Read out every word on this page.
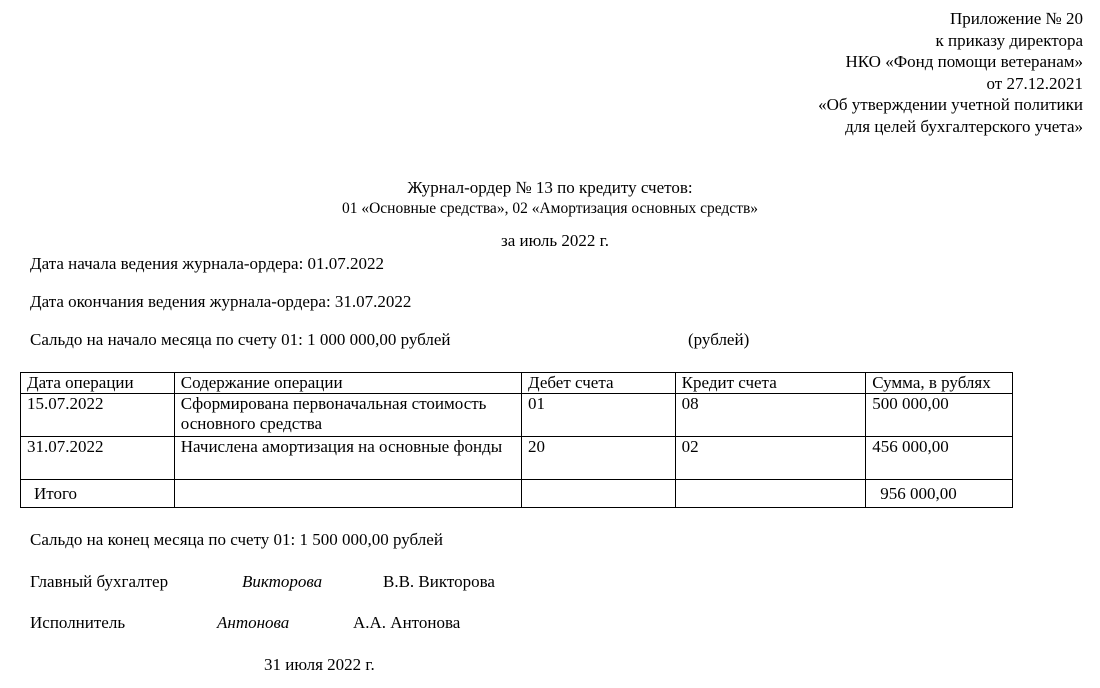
Приложение № 20
к приказу директора
НКО «Фонд помощи ветеранам»
от 27.12.2021
«Об утверждении учетной политики
для целей бухгалтерского учета»
Журнал-ордер № 13 по кредиту счетов:
01 «Основные средства», 02 «Амортизация основных средств»
за июль 2022 г.
Дата начала ведения журнала-ордера: 01.07.2022
Дата окончания ведения журнала-ордера: 31.07.2022
Сальдо на начало месяца по счету 01: 1 000 000,00 рублей	(рублей)
Дата операции	Содержание операции	Дебет счета	Кредит счета	Сумма, в рублях
15.07.2022	Сформирована первоначальная стоимость основного средства	01	08	500 000,00
31.07.2022	Начислена амортизация на основные фонды	20	02	456 000,00
Итого				956 000,00
Сальдо на конец месяца по счету 01: 1 500 000,00 рублей
Главный бухгалтер	Викторова	В.В. Викторова
Исполнитель	Антонова	А.А. Антонова
31 июля 2022 г.
